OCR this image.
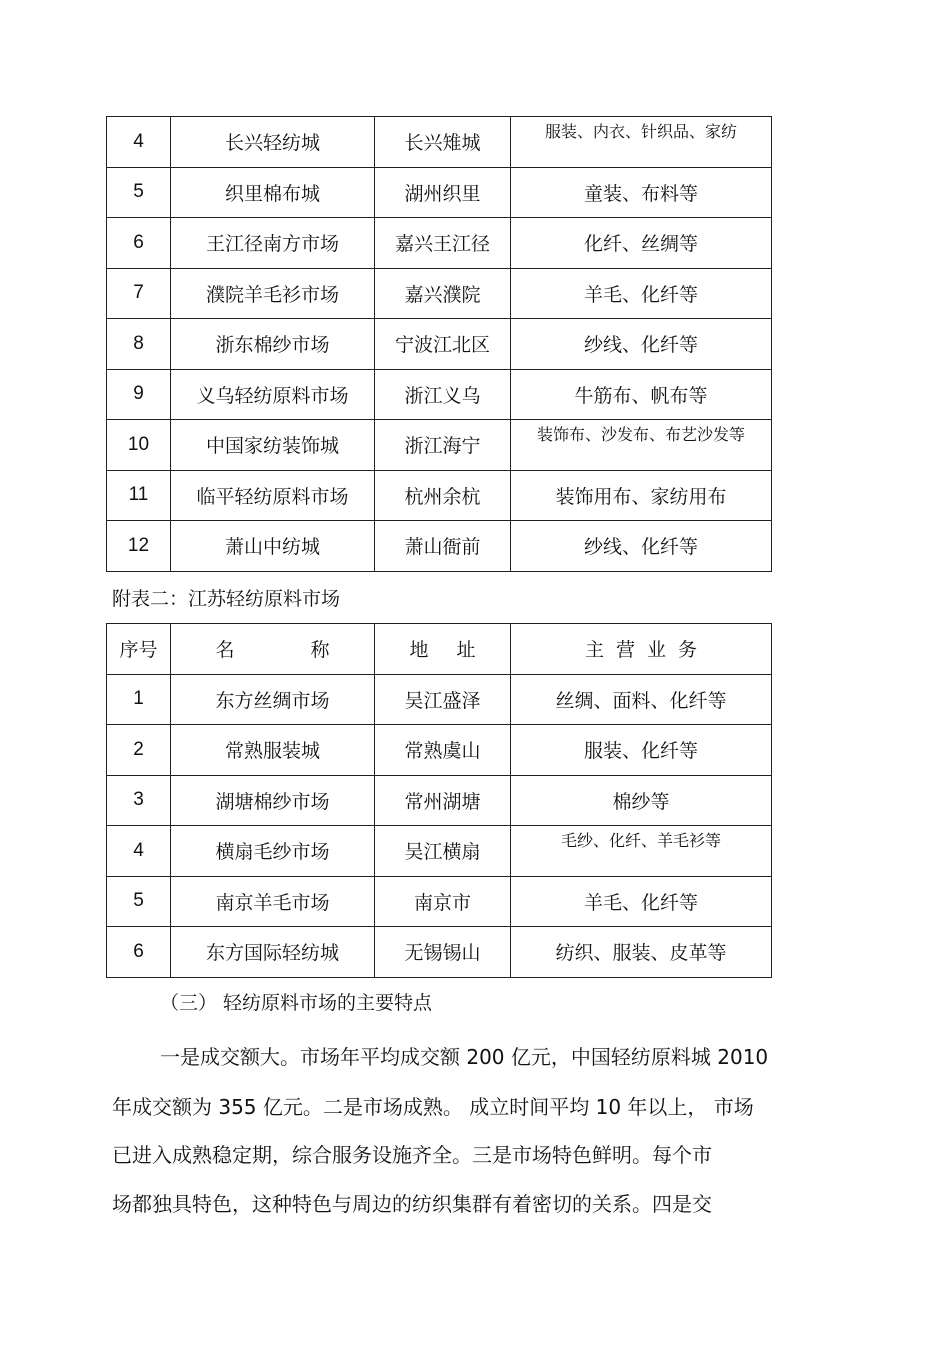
4	长兴轻纺城	长兴雉城	服装、内衣、针织品、家纺
5	织里棉布城	湖州织里	童装、布料等
6	王江径南方市场	嘉兴王江径	化纤、丝绸等
7	濮院羊毛衫市场	嘉兴濮院	羊毛、化纤等
8	浙东棉纱市场	宁波江北区	纱线、化纤等
9	义乌轻纺原料市场	浙江义乌	牛筋布、帆布等
10	中国家纺装饰城	浙江海宁	装饰布、沙发布、布艺沙发等
11	临平轻纺原料市场	杭州余杭	装饰用布、家纺用布
12	萧山中纺城	萧山衙前	纱线、化纤等
附表二：江苏轻纺原料市场
序号	名 称	地 址	主 营 业 务
1	东方丝绸市场	吴江盛泽	丝绸、面料、化纤等
2	常熟服装城	常熟虞山	服装、化纤等
3	湖塘棉纱市场	常州湖塘	棉纱等
4	横扇毛纱市场	吴江横扇	毛纱、化纤、羊毛衫等
5	南京羊毛市场	南京市	羊毛、化纤等
6	东方国际轻纺城	无锡锡山	纺织、服装、皮革等
（三） 轻纺原料市场的主要特点
一是成交额大。市场年平均成交额 200 亿元，中国轻纺原料城 2010
年成交额为 355 亿元。二是市场成熟。 成立时间平均 10 年以上， 市场
已进入成熟稳定期，综合服务设施齐全。三是市场特色鲜明。每个市
场都独具特色，这种特色与周边的纺织集群有着密切的关系。四是交
